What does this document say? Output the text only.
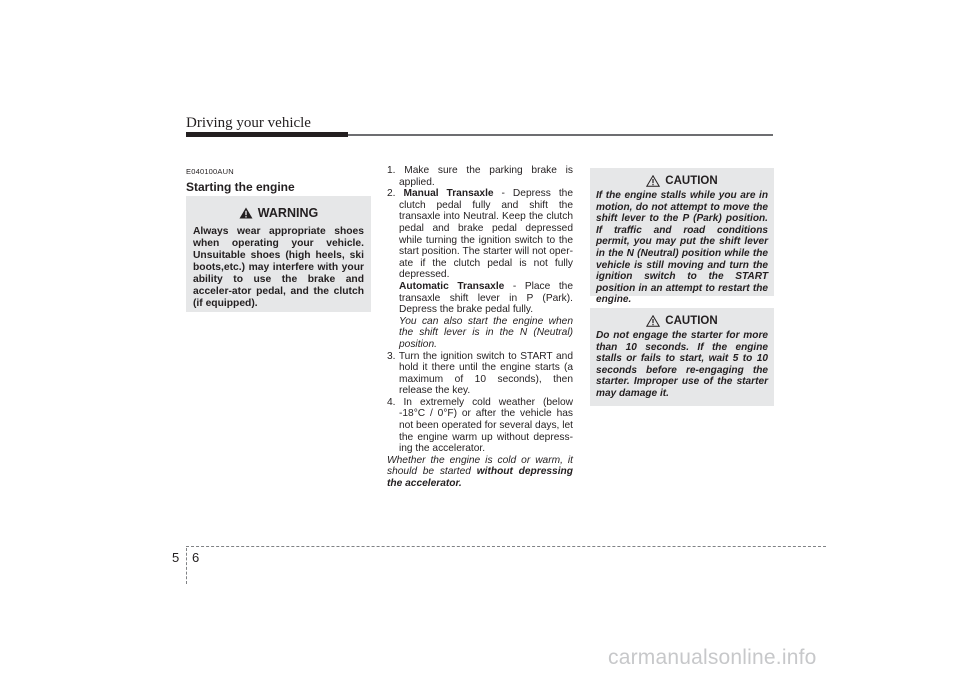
Driving your vehicle
E040100AUN
Starting the engine
WARNING
Always wear appropriate shoes when operating your vehicle. Unsuitable shoes (high heels, ski boots,etc.) may interfere with your ability to use the brake and acceler-ator pedal, and the clutch (if equipped).
1. Make sure the parking brake is applied.
2. Manual Transaxle - Depress the clutch pedal fully and shift the transaxle into Neutral. Keep the clutch pedal and brake pedal depressed while turning the ignition switch to the start position. The starter will not oper-ate if the clutch pedal is not fully depressed.
Automatic Transaxle - Place the transaxle shift lever in P (Park). Depress the brake pedal fully.
You can also start the engine when the shift lever is in the N (Neutral) position.
3. Turn the ignition switch to START and hold it there until the engine starts (a maximum of 10 seconds), then release the key.
4. In extremely cold weather (below -18°C / 0°F) or after the vehicle has not been operated for several days, let the engine warm up without depress-ing the accelerator.
Whether the engine is cold or warm, it should be started without depressing the accelerator.
CAUTION
If the engine stalls while you are in motion, do not attempt to move the shift lever to the P (Park) position. If traffic and road conditions permit, you may put the shift lever in the N (Neutral) position while the vehicle is still moving and turn the ignition switch to the START position in an attempt to restart the engine.
CAUTION
Do not engage the starter for more than 10 seconds. If the engine stalls or fails to start, wait 5 to 10 seconds before re-engaging the starter. Improper use of the starter may damage it.
5 6
carmanualsonline.info
